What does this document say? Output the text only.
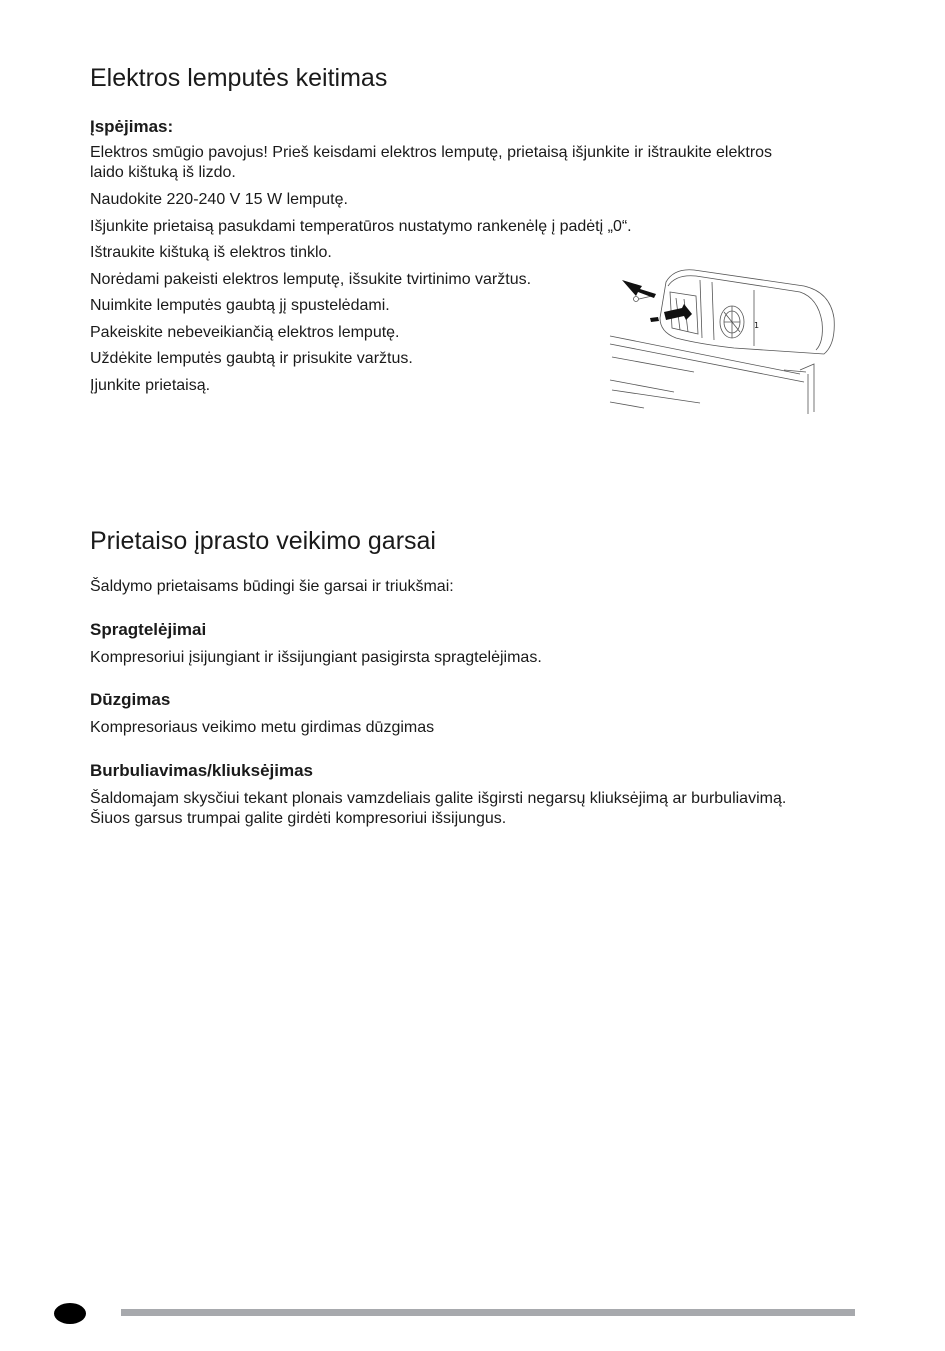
Elektros lemputės keitimas
Įspėjimas:

Elektros smūgio pavojus! Prieš keisdami elektros lemputę, prietaisą išjunkite ir ištraukite elektros

laido kištuką iš lizdo.

Naudokite 220-240 V 15 W lemputę.

Išjunkite prietaisą pasukdami temperatūros nustatymo rankenėlę į padėtį „0“.

Ištraukite kištuką iš elektros tinklo.

Norėdami pakeisti elektros lemputę, išsukite tvirtinimo varžtus.

Nuimkite lemputės gaubtą jį spustelėdami.

Pakeiskite nebeveikiančią elektros lemputę.

Uždėkite lemputės gaubtą ir prisukite varžtus.

Įjunkite prietaisą.

1
Prietaiso įprasto veikimo garsai

Šaldymo prietaisams būdingi šie garsai ir triukšmai:

Spragtelėjimai

Kompresoriui įsijungiant ir išsijungiant pasigirsta spragtelėjimas.

Dūzgimas

Kompresoriaus veikimo metu girdimas dūzgimas

Burbuliavimas/kliuksėjimas

Šaldomajam skysčiui tekant plonais vamzdeliais galite išgirsti negarsų kliuksėjimą ar burbuliavimą.

Šiuos garsus trumpai galite girdėti kompresoriui išsijungus.
